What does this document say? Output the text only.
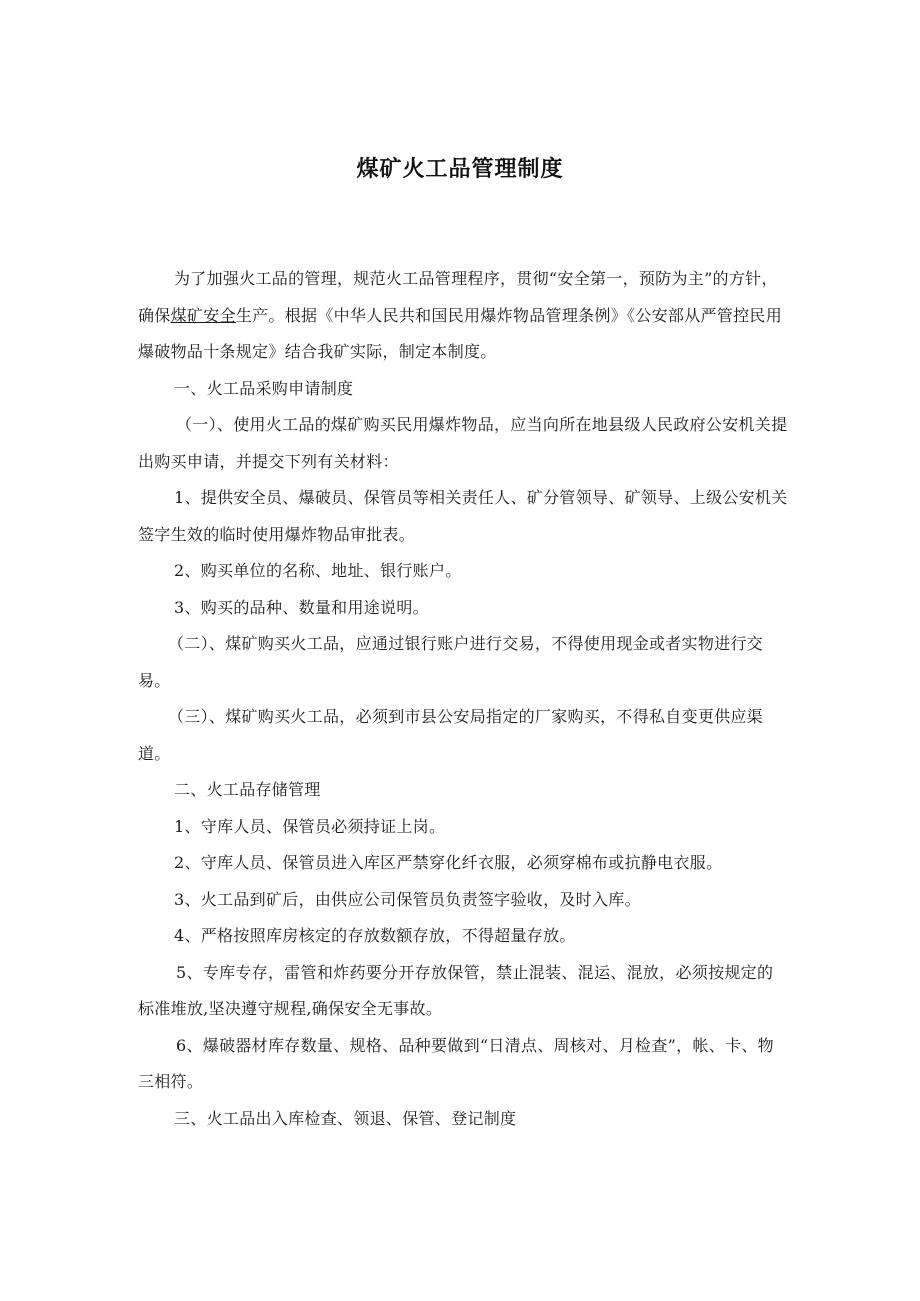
煤矿火工品管理制度

为了加强火工品的管理，规范火工品管理程序，贯彻“安全第一，预防为主”的方针，确保煤矿安全生产。根据《中华人民共和国民用爆炸物品管理条例》《公安部从严管控民用爆破物品十条规定》结合我矿实际，制定本制度。

一、火工品采购申请制度

（一）、使用火工品的煤矿购买民用爆炸物品，应当向所在地县级人民政府公安机关提出购买申请，并提交下列有关材料：

1、提供安全员、爆破员、保管员等相关责任人、矿分管领导、矿领导、上级公安机关签字生效的临时使用爆炸物品审批表。

2、购买单位的名称、地址、银行账户。

3、购买的品种、数量和用途说明。

（二）、煤矿购买火工品，应通过银行账户进行交易，不得使用现金或者实物进行交易。

（三）、煤矿购买火工品，必须到市县公安局指定的厂家购买，不得私自变更供应渠道。

二、火工品存储管理

1、守库人员、保管员必须持证上岗。

2、守库人员、保管员进入库区严禁穿化纤衣服，必须穿棉布或抗静电衣服。

3、火工品到矿后，由供应公司保管员负责签字验收，及时入库。

4、严格按照库房核定的存放数额存放，不得超量存放。

5、专库专存，雷管和炸药要分开存放保管，禁止混装、混运、混放，必须按规定的标准堆放,坚决遵守规程,确保安全无事故。

6、爆破器材库存数量、规格、品种要做到“日清点、周核对、月检查”，帐、卡、物三相符。

三、火工品出入库检查、领退、保管、登记制度
